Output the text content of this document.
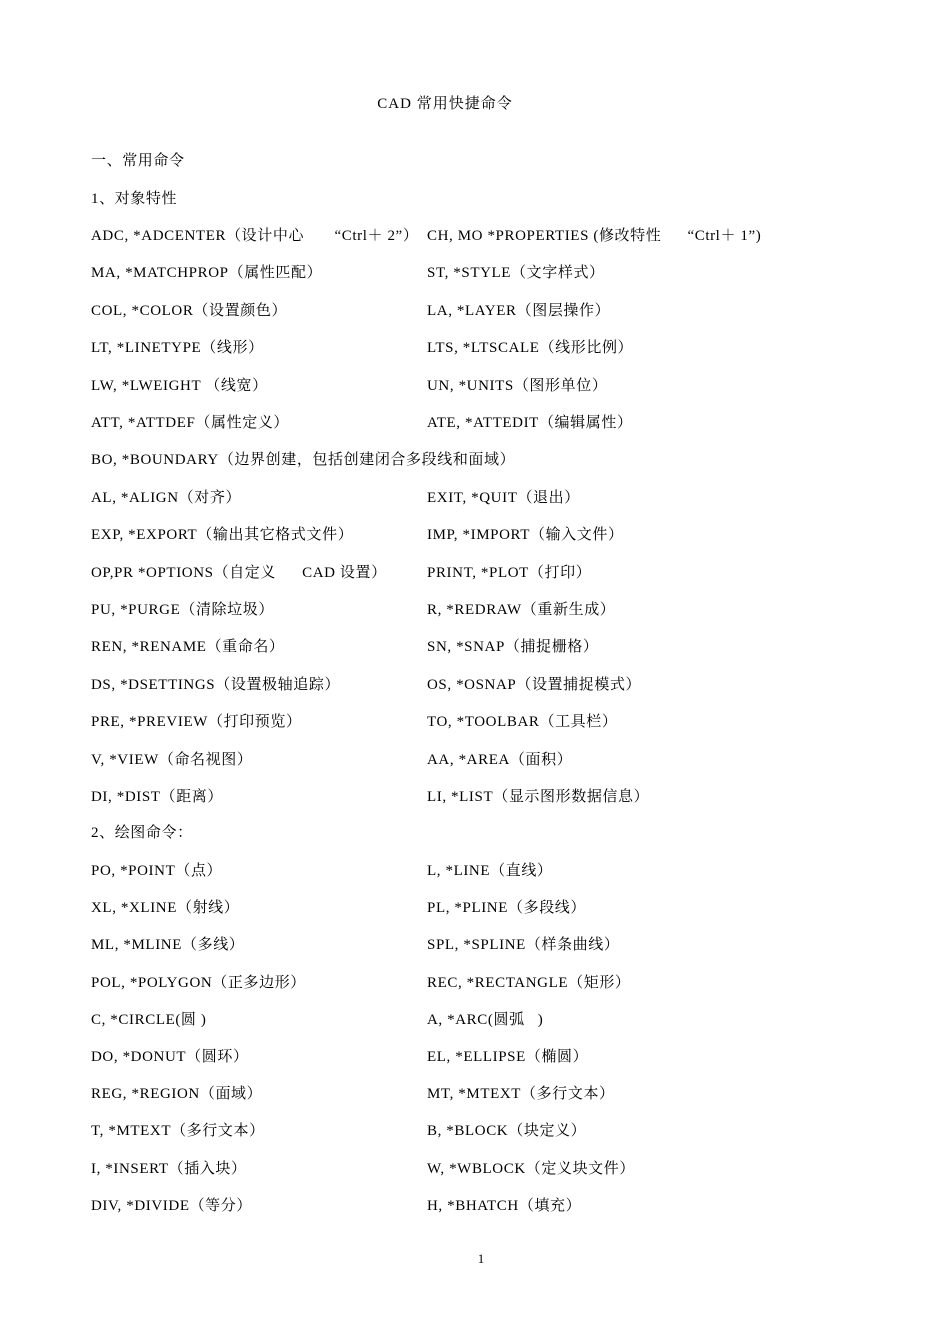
CAD 常用快捷命令
一、常用命令
1、对象特性
ADC, *ADCENTER（设计中心       “Ctrl＋ 2”） CH, MO *PROPERTIES (修改特性      “Ctrl＋ 1”)
MA, *MATCHPROP（属性匹配）	ST, *STYLE（文字样式）
COL, *COLOR（设置颜色）	LA, *LAYER（图层操作）
LT, *LINETYPE（线形）	LTS, *LTSCALE（线形比例）
LW, *LWEIGHT （线宽）	UN, *UNITS（图形单位）
ATT, *ATTDEF（属性定义）	ATE, *ATTEDIT（编辑属性）
BO, *BOUNDARY（边界创建，包括创建闭合多段线和面域）
AL, *ALIGN（对齐）	EXIT, *QUIT（退出）
EXP, *EXPORT（输出其它格式文件）	IMP, *IMPORT（输入文件）
OP,PR *OPTIONS（自定义      CAD 设置）	PRINT, *PLOT（打印）
PU, *PURGE（清除垃圾）	R, *REDRAW（重新生成）
REN, *RENAME（重命名）	SN, *SNAP（捕捉栅格）
DS, *DSETTINGS（设置极轴追踪）	OS, *OSNAP（设置捕捉模式）
PRE, *PREVIEW（打印预览）	TO, *TOOLBAR（工具栏）
V, *VIEW（命名视图）	AA, *AREA（面积）
DI, *DIST（距离）	LI, *LIST（显示图形数据信息）
2、绘图命令：
PO, *POINT（点）	L, *LINE（直线）
XL, *XLINE（射线）	PL, *PLINE（多段线）
ML, *MLINE（多线）	SPL, *SPLINE（样条曲线）
POL, *POLYGON（正多边形）	REC, *RECTANGLE（矩形）
C, *CIRCLE(圆 )	A, *ARC(圆弧   )
DO, *DONUT（圆环）	EL, *ELLIPSE（椭圆）
REG, *REGION（面域）	MT, *MTEXT（多行文本）
T, *MTEXT（多行文本）	B, *BLOCK（块定义）
I, *INSERT（插入块）	W, *WBLOCK（定义块文件）
DIV, *DIVIDE（等分）	H, *BHATCH（填充）
1
